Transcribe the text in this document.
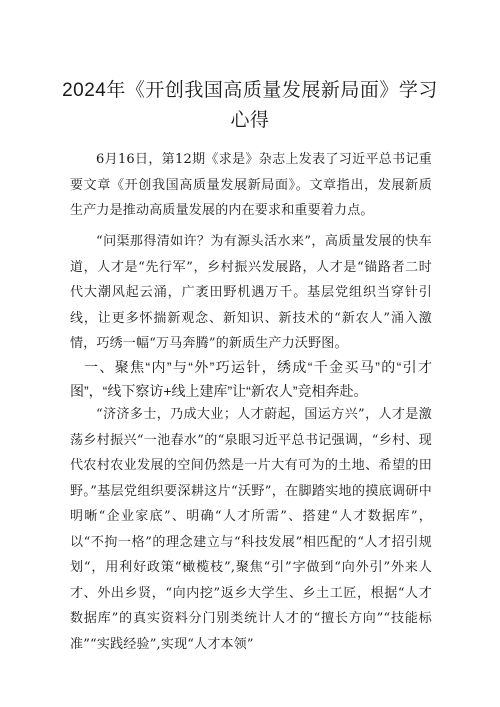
2024年《开创我国高质量发展新局面》学习心得

6月16日，第12期《求是》杂志上发表了习近平总书记重要文章《开创我国高质量发展新局面》。文章指出，发展新质生产力是推动高质量发展的内在要求和重要着力点。

“问渠那得清如许？为有源头活水来”，高质量发展的快车道，人才是“先行军”，乡村振兴发展路，人才是“锚路者二时代大潮风起云涌，广袤田野机遇万千。基层党组织当穿针引线，让更多怀揣新观念、新知识、新技术的“新农人”涌入激情，巧绣一幅“万马奔腾”的新质生产力沃野图。

一、聚焦“内”与“外”巧运针，绣成“千金买马”的“引才图”，“线下察访+线上建库”让“新农人”竞相奔赴。

“济济多士，乃成大业；人才蔚起，国运方兴”，人才是激荡乡村振兴“一池春水”的“泉眼习近平总书记强调，“乡村、现代农村农业发展的空间仍然是一片大有可为的土地、希望的田野。”基层党组织要深耕这片“沃野”，在脚踏实地的摸底调研中明晰“企业家底”、明确“人才所需”、搭建“人才数据库”，以“不拘一格”的理念建立与“科技发展”相匹配的“人才招引规划“，用利好政策“橄榄枝”,聚焦“引”字做到“向外引”外来人才、外出乡贤，“向内挖”返乡大学生、乡土工匠，根据“人才数据库”的真实资料分门别类统计人才的“擅长方向”“技能标准”“实践经验”,实现“人才本领”
